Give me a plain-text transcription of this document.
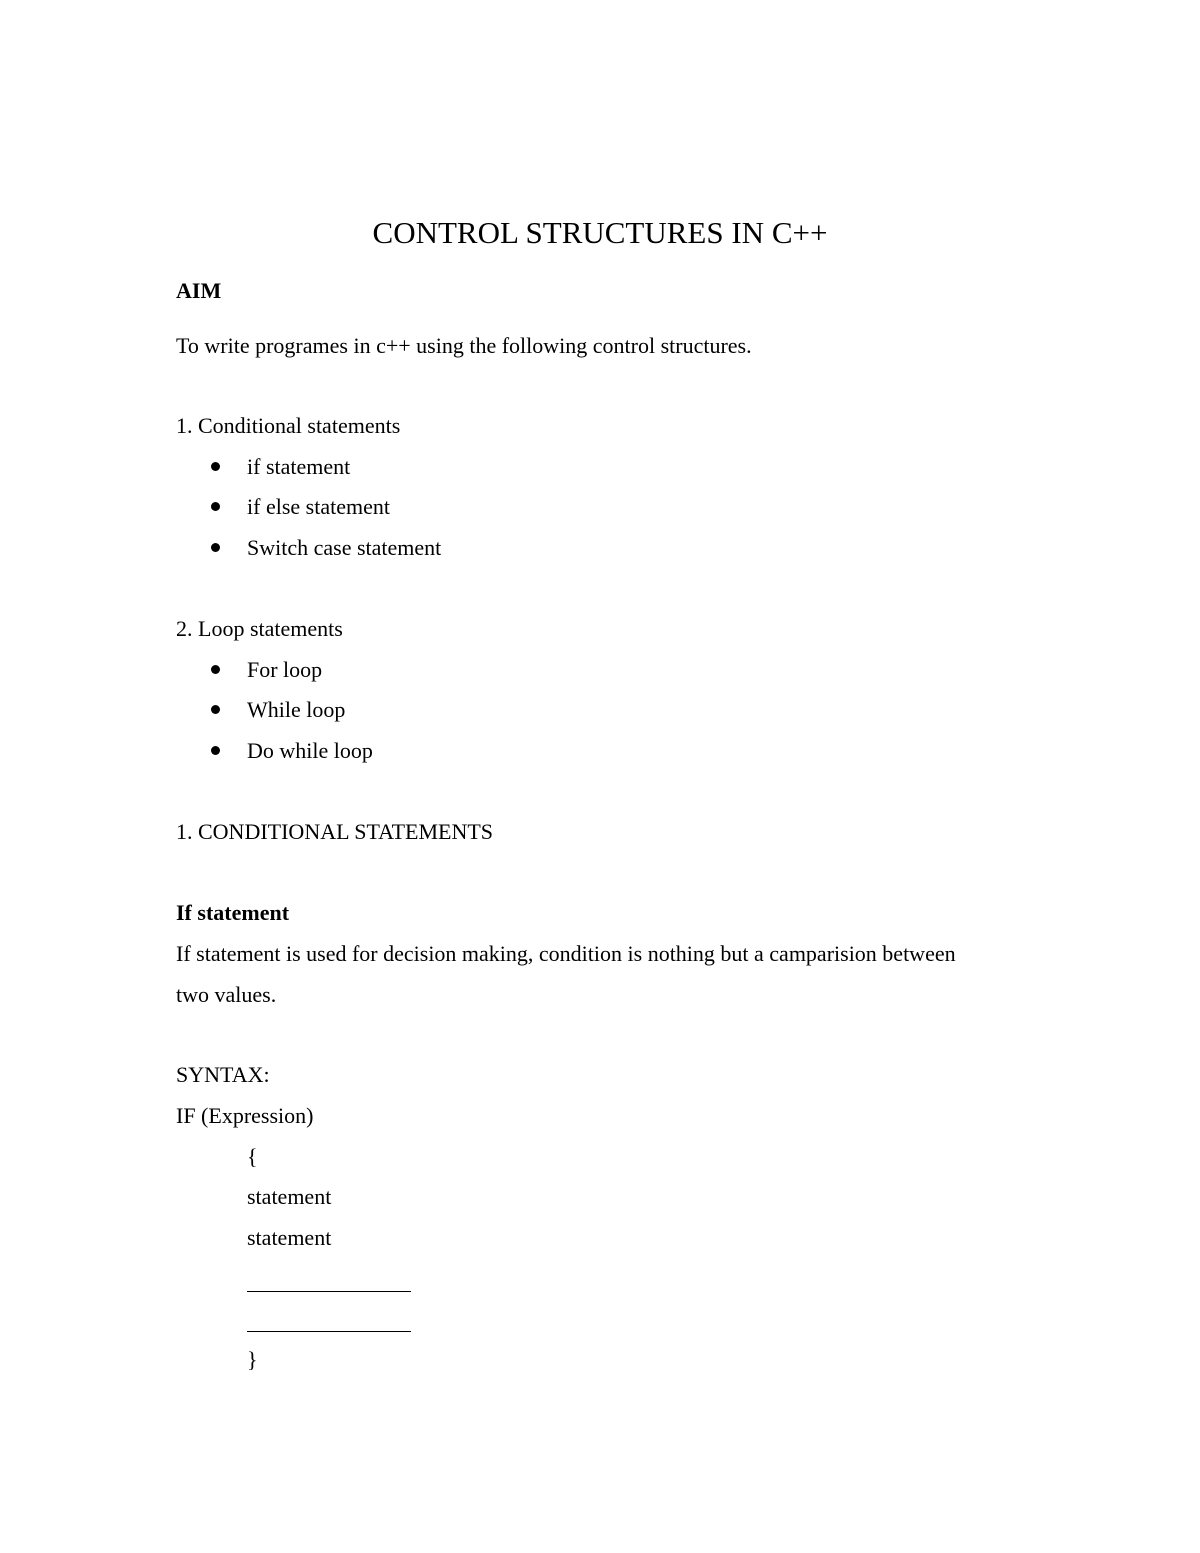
CONTROL STRUCTURES IN C++
AIM
To write programes in c++ using the following control structures.
1. Conditional statements
if statement
if else statement
Switch case statement
2. Loop statements
For loop
While loop
Do while loop
1. CONDITIONAL STATEMENTS
If statement
If statement is used for decision making, condition is nothing but a camparision between
two values.
SYNTAX:
IF (Expression)
{
statement
statement
}
